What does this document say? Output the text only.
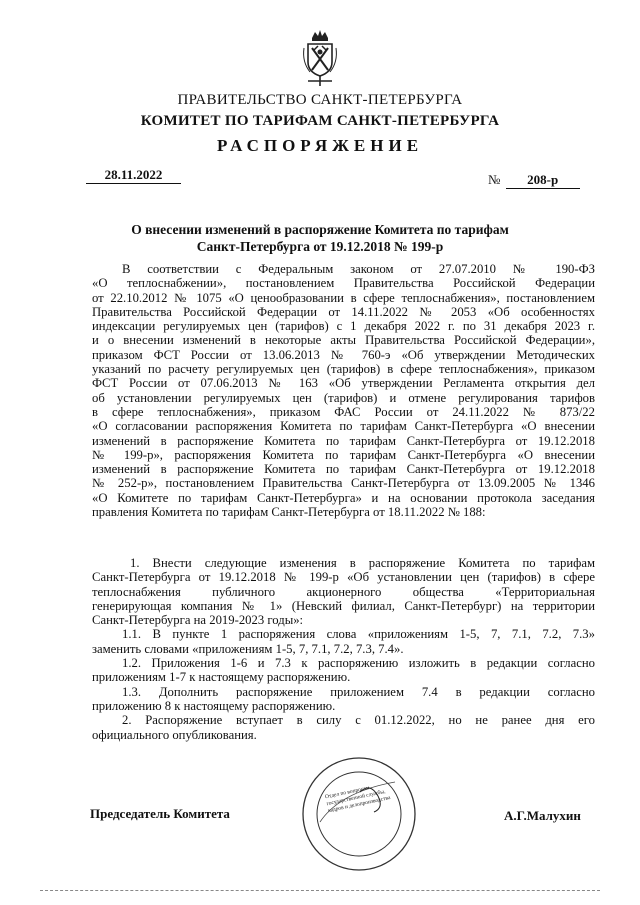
ПРАВИТЕЛЬСТВО САНКТ-ПЕТЕРБУРГА
КОМИТЕТ ПО ТАРИФАМ САНКТ-ПЕТЕРБУРГА
РАСПОРЯЖЕНИЕ
28.11.2022	№ 208-р
О внесении изменений в распоряжение Комитета по тарифам
Санкт-Петербурга от 19.12.2018 № 199-р

В соответствии с Федеральным законом от 27.07.2010 № 190-ФЗ

«О теплоснабжении», постановлением Правительства Российской Федерации

от 22.10.2012 № 1075 «О ценообразовании в сфере теплоснабжения», постановлением

Правительства Российской Федерации от 14.11.2022 № 2053 «Об особенностях

индексации регулируемых цен (тарифов) с 1 декабря 2022 г. по 31 декабря 2023 г.

и о внесении изменений в некоторые акты Правительства Российской Федерации»,

приказом ФСТ России от 13.06.2013 № 760-э «Об утверждении Методических

указаний по расчету регулируемых цен (тарифов) в сфере теплоснабжения», приказом

ФСТ России от 07.06.2013 № 163 «Об утверждении Регламента открытия дел

об установлении регулируемых цен (тарифов) и отмене регулирования тарифов

в сфере теплоснабжения», приказом ФАС России от 24.11.2022 № 873/22

«О согласовании распоряжения Комитета по тарифам Санкт-Петербурга «О внесении

изменений в распоряжение Комитета по тарифам Санкт-Петербурга от 19.12.2018

№ 199-р», распоряжения Комитета по тарифам Санкт-Петербурга «О внесении

изменений в распоряжение Комитета по тарифам Санкт-Петербурга от 19.12.2018

№ 252-р», постановлением Правительства Санкт-Петербурга от 13.09.2005 № 1346

«О Комитете по тарифам Санкт-Петербурга» и на основании протокола заседания

правления Комитета по тарифам Санкт-Петербурга от 18.11.2022 № 188:

1. Внести следующие изменения в распоряжение Комитета по тарифам

Санкт-Петербурга от 19.12.2018 № 199-р «Об установлении цен (тарифов) в сфере

теплоснабжения публичного акционерного общества «Территориальная

генерирующая компания № 1» (Невский филиал, Санкт-Петербург) на территории

Санкт-Петербурга на 2019-2023 годы»:

1.1. В пункте 1 распоряжения слова «приложениям 1-5, 7, 7.1, 7.2, 7.3»

заменить словами «приложениям 1-5, 7, 7.1, 7.2, 7.3, 7.4».

1.2. Приложения 1-6 и 7.3 к распоряжению изложить в редакции согласно

приложениям 1-7 к настоящему распоряжению.

1.3. Дополнить распоряжение приложением 7.4 в редакции согласно

приложению 8 к настоящему распоряжению.

2. Распоряжение вступает в силу с 01.12.2022, но не ранее дня его

официального опубликования.

Отдел по вопросам государственной службы, кадров и делопроизводства
Председатель Комитета	А.Г.Малухин
